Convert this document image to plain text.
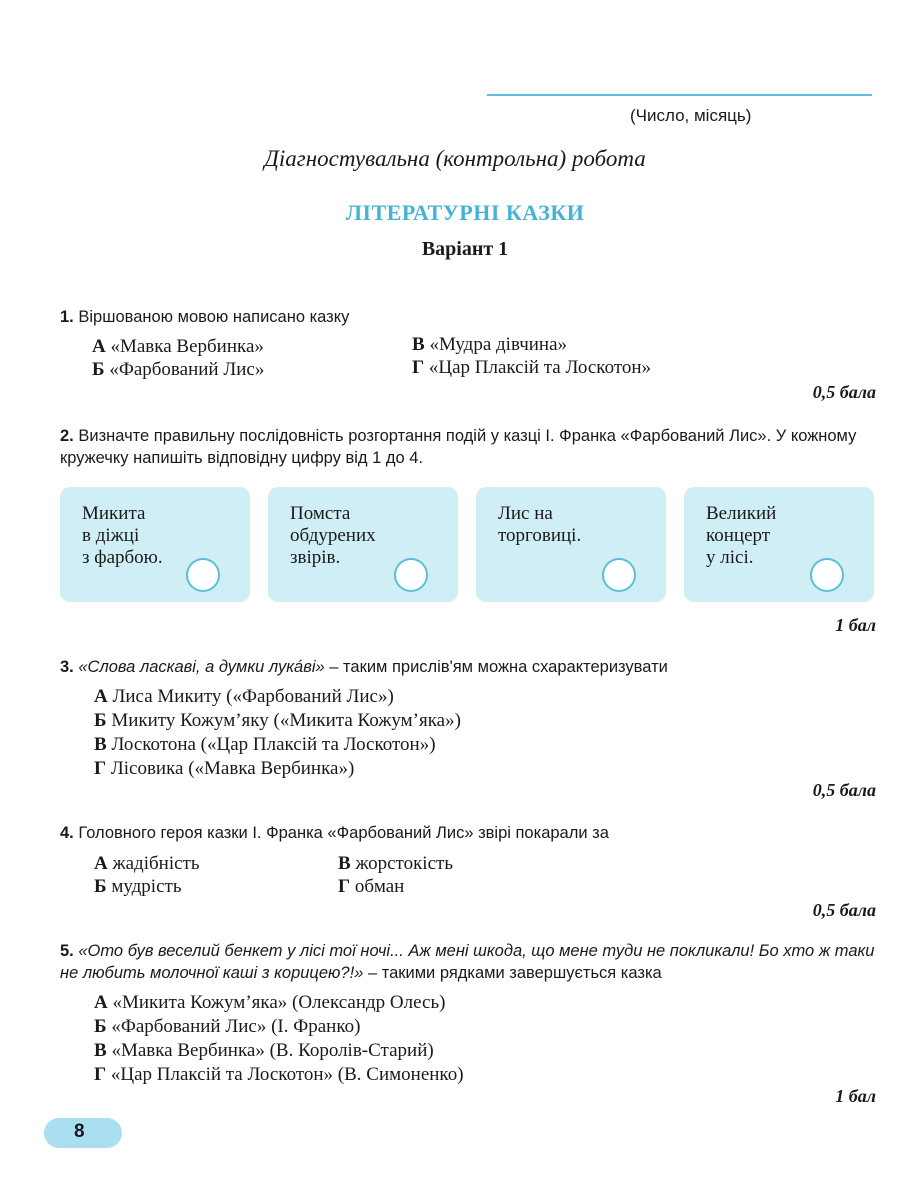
(Число, місяць)
Діагностувальна (контрольна) робота
ЛІТЕРАТУРНІ КАЗКИ
Варіант 1
1. Віршованою мовою написано казку
А «Мавка Вербинка»
Б «Фарбований Лис»
В «Мудра дівчина»
Г «Цар Плаксій та Лоскотон»
0,5 бала
2. Визначте правильну послідовність розгортання подій у казці І. Франка «Фарбований Лис». У кожному кружечку напишіть відповідну цифру від 1 до 4.
Микита
в діжці
з фарбою.
Помста
обдурених
звірів.
Лис на
торговиці.
Великий
концерт
у лісі.
1 бал
3. «Слова ласкаві, а думки лука́ві» – таким прислів'ям можна схарактеризувати
А Лиса Микиту («Фарбований Лис»)
Б Микиту Кожум’яку («Микита Кожум’яка»)
В Лоскотона («Цар Плаксій та Лоскотон»)
Г Лісовика («Мавка Вербинка»)
0,5 бала
4. Головного героя казки І. Франка «Фарбований Лис» звірі покарали за
А жадібність
Б мудрість
В жорстокість
Г обман
0,5 бала
5. «Ото був веселий бенкет у лісі тої ночі... Аж мені шкода, що мене туди не покликали! Бо хто ж таки не любить молочної каші з корицею?!» – такими рядками завершується казка
А «Микита Кожум’яка» (Олександр Олесь)
Б «Фарбований Лис» (І. Франко)
В «Мавка Вербинка» (В. Королів-Старий)
Г «Цар Плаксій та Лоскотон» (В. Симоненко)
1 бал
8
